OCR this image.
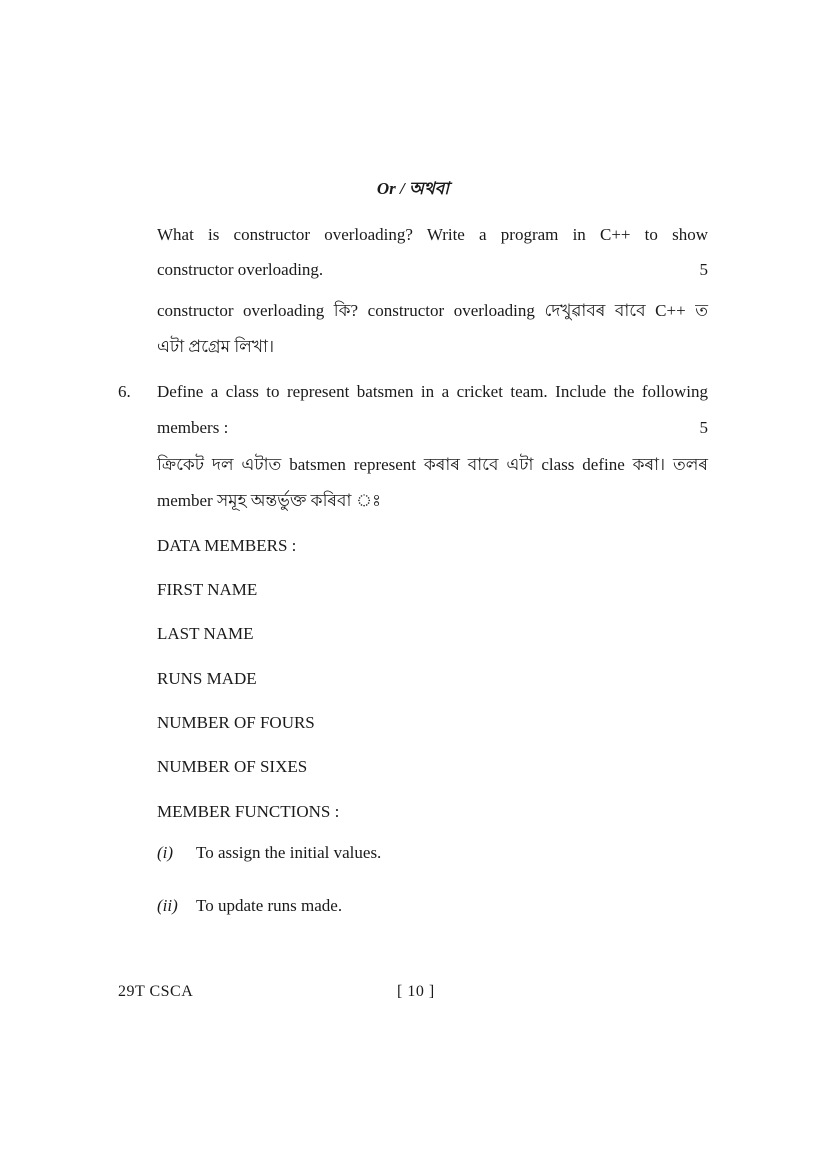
Or / অথবা
What is constructor overloading? Write a program in C++ to show
constructor overloading.	5
constructor overloading কি? constructor overloading দেখুৱাবৰ বাবে C++ ত
এটা প্ৰগ্ৰেম লিখা।
6. Define a class to represent batsmen in a cricket team. Include the following
members :	5
ক্ৰিকেট দল এটাত batsmen represent কৰাৰ বাবে এটা class define কৰা। তলৰ
member সমূহ অন্তৰ্ভুক্ত কৰিবা ঃ
DATA MEMBERS :
FIRST NAME
LAST NAME
RUNS MADE
NUMBER OF FOURS
NUMBER OF SIXES
MEMBER FUNCTIONS :
(i) To assign the initial values.
(ii) To update runs made.
29T CSCA	[ 10 ]
